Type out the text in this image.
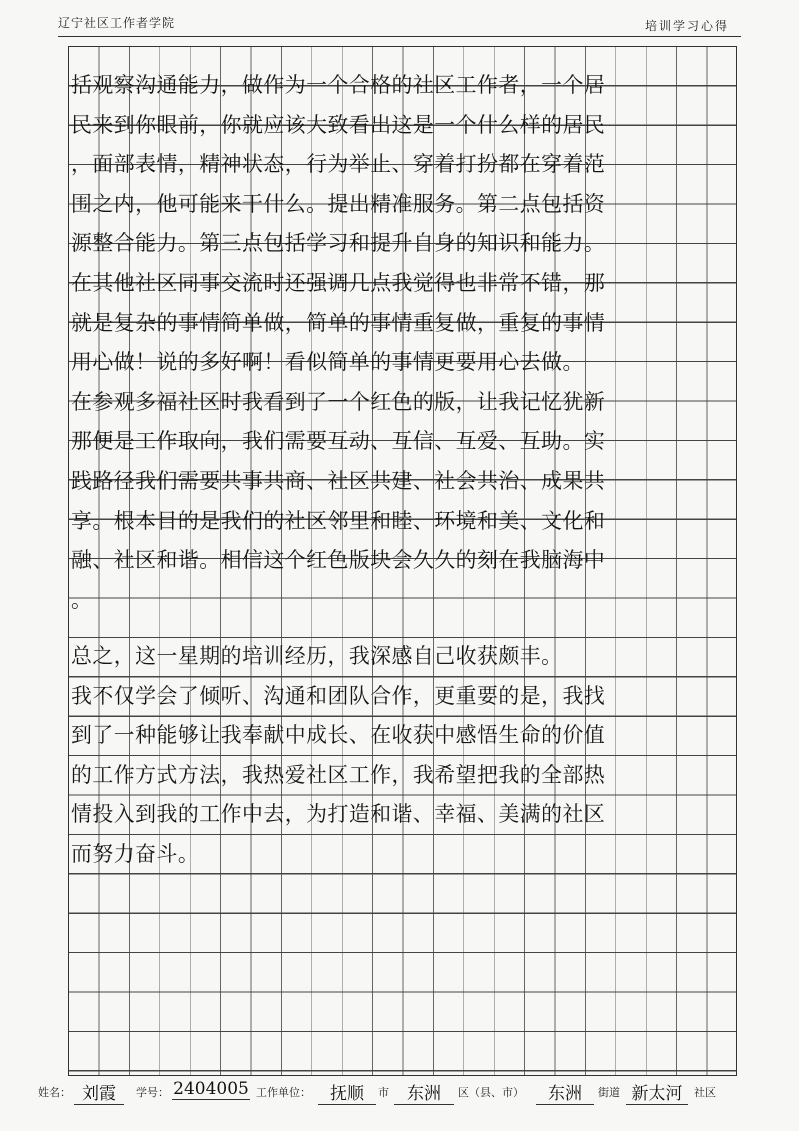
辽宁社区工作者学院	培训学习心得
括观察沟通能力，做作为一个合格的社区工作者，一个居
民来到你眼前，你就应该大致看出这是一个什么样的居民
，面部表情，精神状态，行为举止、穿着打扮都在穿着范
围之内，他可能来干什么。提出精准服务。第二点包括资
源整合能力。第三点包括学习和提升自身的知识和能力。
在其他社区同事交流时还强调几点我觉得也非常不错，那
就是复杂的事情简单做，简单的事情重复做，重复的事情
用心做！说的多好啊！看似简单的事情更要用心去做。
在参观多福社区时我看到了一个红色的版，让我记忆犹新
那便是工作取向，我们需要互动、互信、互爱、互助。实
践路径我们需要共事共商、社区共建、社会共治、成果共
享。根本目的是我们的社区邻里和睦、环境和美、文化和
融、社区和谐。相信这个红色版块会久久的刻在我脑海中
。
总之，这一星期的培训经历，我深感自己收获颇丰。
我不仅学会了倾听、沟通和团队合作，更重要的是，我找
到了一种能够让我奉献中成长、在收获中感悟生命的价值
的工作方式方法，我热爱社区工作，我希望把我的全部热
情投入到我的工作中去，为打造和谐、幸福、美满的社区
而努力奋斗。
姓名： 刘霞	学号： 2404005 工作单位：	抚顺	市	东洲	区（县、市）	东洲	街道 新太河	社区
